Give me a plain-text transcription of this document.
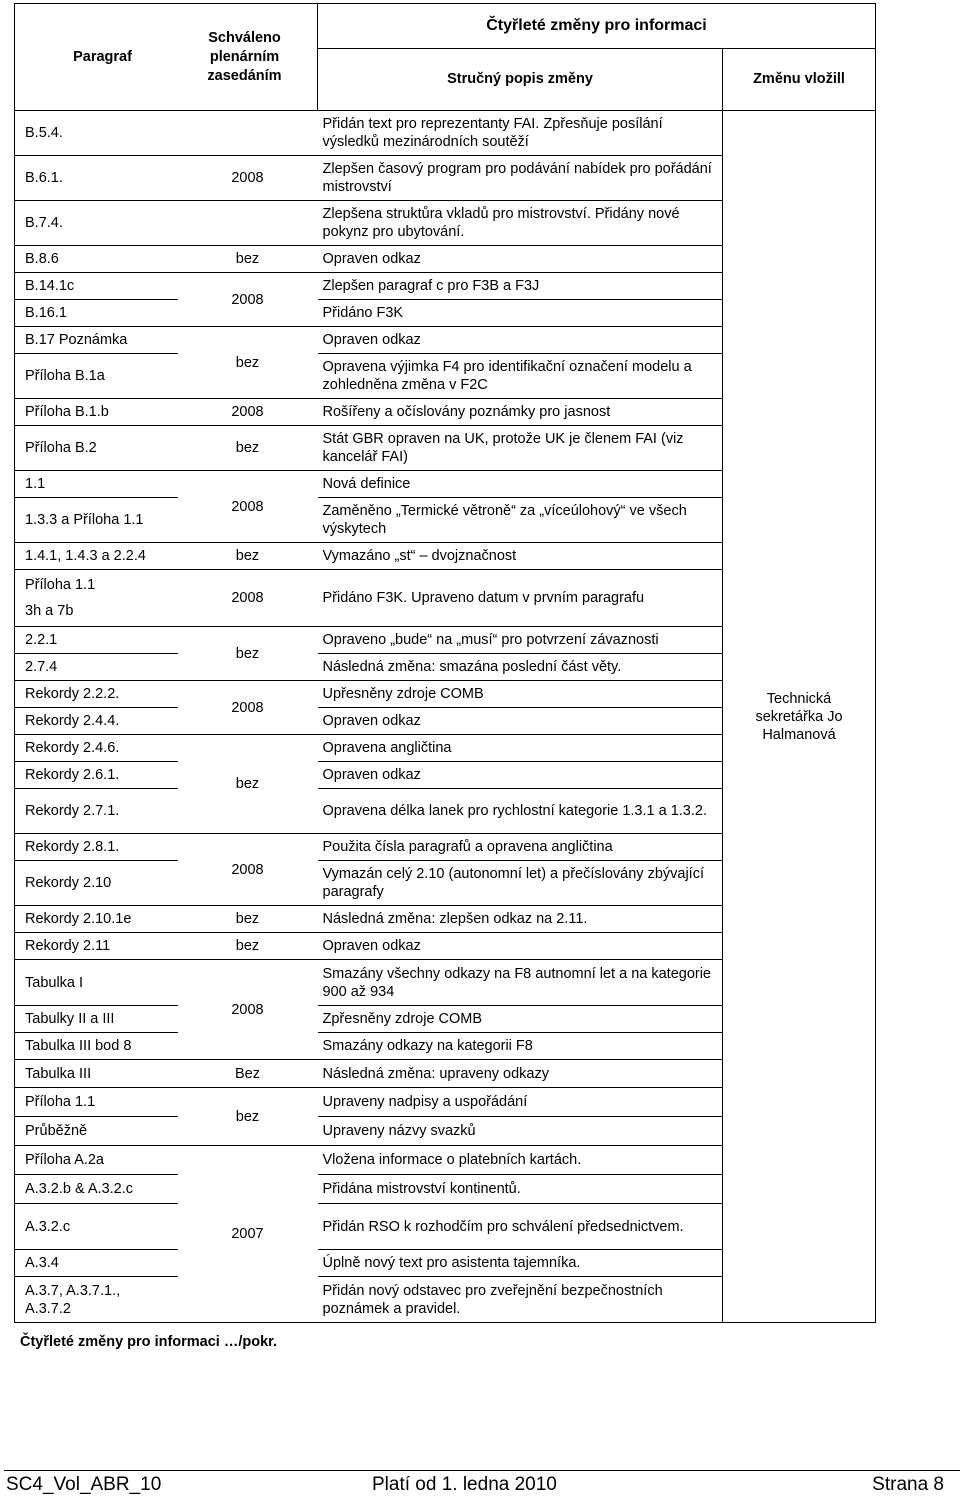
Paragraf	Schváleno plenárním zasedáním
	Čtyřleté změny pro informaci
Stručný popis změny	Změnu vložill
B.5.4.		Přidán text pro reprezentanty FAI. Zpřesňuje posílání výsledků mezinárodních soutěží	
Technická sekretářka Jo Halmanová

B.6.1.	2008	Zlepšen časový program pro podávání nabídek pro pořádání mistrovství
B.7.4.		Zlepšena struktůra vkladů pro mistrovství. Přidány nové pokynz pro ubytování.
B.8.6	bez	Opraven odkaz
B.14.1c	2008	Zlepšen paragraf c pro F3B a F3J
B.16.1	Přidáno F3K
B.17 Poznámka	bez	Opraven odkaz
Příloha B.1a	Opravena výjimka F4 pro identifikační označení modelu a zohledněna změna v F2C
Příloha B.1.b	2008	Rošířeny a očíslovány poznámky pro jasnost
Příloha B.2	bez	Stát GBR opraven na UK, protože UK je členem FAI (viz kancelář FAI)
1.1	2008	Nová definice
1.3.3 a Příloha 1.1	Zaměněno „Termické větroně“ za „víceúlohový“ ve všech výskytech
1.4.1, 1.4.3 a 2.2.4	bez	Vymazáno „st“ – dvojznačnost

Příloha 1.1
3h a 7b
	2008	Přidáno F3K. Upraveno datum v prvním paragrafu
2.2.1	bez	Opraveno „bude“ na „musí“ pro potvrzení závaznosti
2.7.4	Následná změna: smazána poslední část věty.
Rekordy 2.2.2.	2008	Upřesněny zdroje COMB
Rekordy 2.4.4.	Opraven odkaz
Rekordy 2.4.6.	bez	Opravena angličtina
Rekordy 2.6.1.	Opraven odkaz
Rekordy 2.7.1.	Opravena délka lanek pro rychlostní kategorie 1.3.1 a 1.3.2.
Rekordy 2.8.1.	2008	Použita čísla paragrafů a opravena angličtina
Rekordy 2.10	Vymazán celý 2.10 (autonomní let) a přečíslovány zbývající paragrafy
Rekordy 2.10.1e	bez	Následná změna: zlepšen odkaz na 2.11.
Rekordy 2.11	bez	Opraven odkaz
Tabulka I	2008	Smazány všechny odkazy na F8 autnomní let a na kategorie 900 až 934
Tabulky II a III	Zpřesněny zdroje COMB
Tabulka III bod 8	Smazány odkazy na kategorii F8
Tabulka III	Bez	Následná změna: upraveny odkazy
Příloha 1.1	bez	Upraveny nadpisy a uspořádání
Průběžně	Upraveny názvy svazků
Příloha A.2a	2007	Vložena informace o platebních kartách.
A.3.2.b & A.3.2.c	Přidána mistrovství kontinentů.
A.3.2.c	Přidán RSO k rozhodčím pro schválení předsednictvem.
A.3.4	Úplně nový text pro asistenta tajemníka.

A.3.7, A.3.7.1., A.3.7.2
	Přidán nový odstavec pro zveřejnění bezpečnostních poznámek a pravidel.
Čtyřleté změny pro informaci …/pokr.
SC4_Vol_ABR_10	Platí od 1. ledna 2010	Strana 8
